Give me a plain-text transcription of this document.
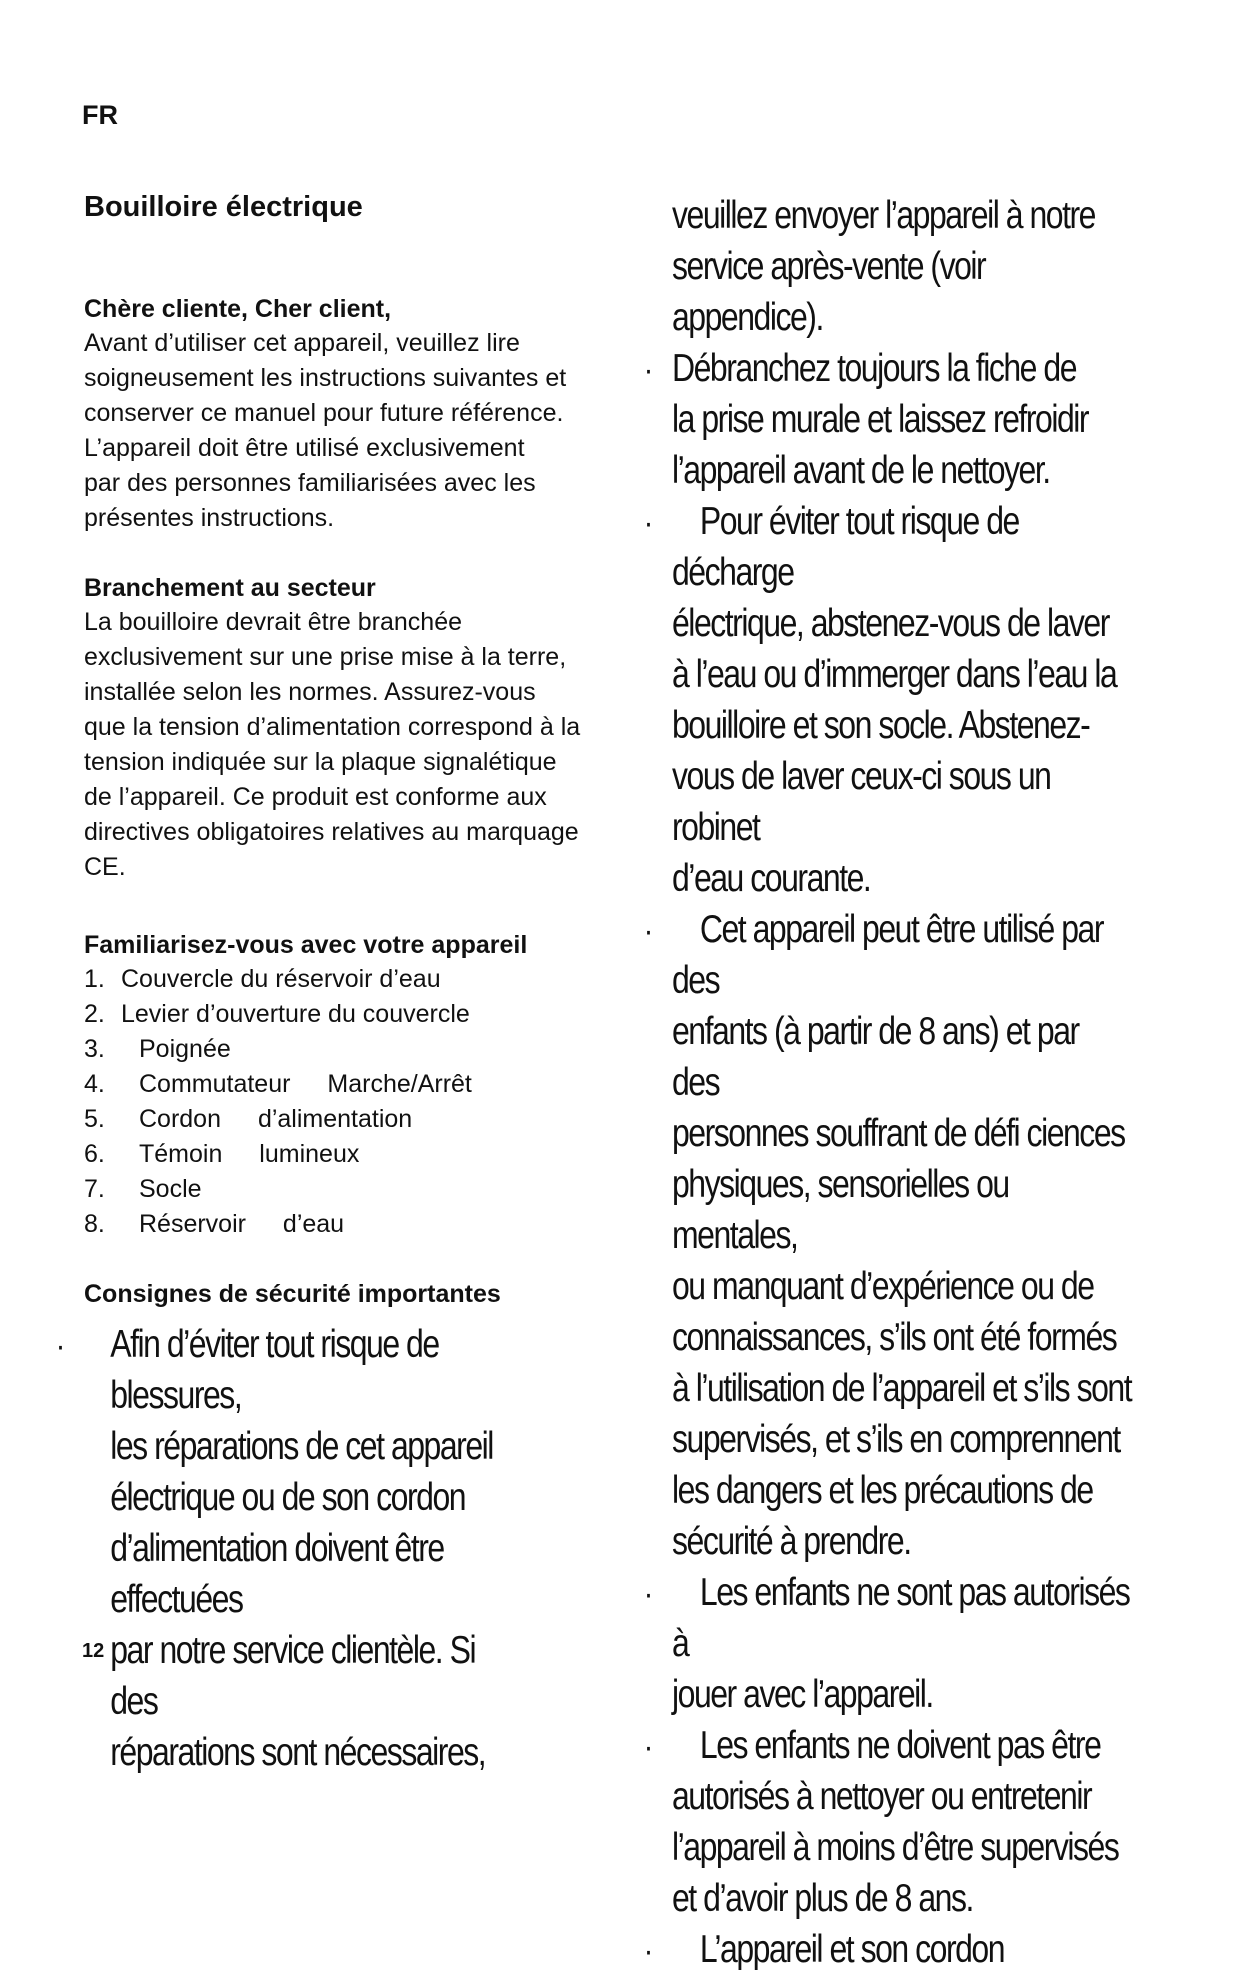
FR
Bouilloire électrique

Chère cliente, Cher client,

Avant d’utiliser cet appareil, veuillez lire
soigneusement les instructions suivantes et
conserver ce manuel pour future référence.
L’appareil doit être utilisé exclusivement
par des personnes familiarisées avec les
présentes instructions.

Branchement au secteur

La bouilloire devrait être branchée
exclusivement sur une prise mise à la terre,
installée selon les normes. Assurez-vous
que la tension d’alimentation correspond à la
tension indiquée sur la plaque signalétique
de l’appareil. Ce produit est conforme aux
directives obligatoires relatives au marquage
CE.

Familiarisez-vous avec votre appareil

1. Couvercle du réservoir d’eau
2. Levier d’ouverture du couvercle
3.	Poignée
4.	Commutateur Marche/Arrêt
5.	Cordon d’alimentation
6.	Témoin lumineux
7.	Socle
8.	Réservoir d’eau

Consignes de sécurité importantes

· Afin d’éviter tout risque de blessures,
les réparations de cet appareil
électrique ou de son cordon
d’alimentation doivent être effectuées
par notre service clientèle. Si des
réparations sont nécessaires,
veuillez envoyer l’appareil à notre
service après-vente (voir appendice).
· Débranchez toujours la fiche de
la prise murale et laissez refroidir
l’appareil avant de le nettoyer.
·	Pour éviter tout risque de décharge
électrique, abstenez-vous de laver
à l’eau ou d’immerger dans l’eau la
bouilloire et son socle. Abstenez-
vous de laver ceux-ci sous un robinet
d’eau courante.
·	Cet appareil peut être utilisé par des
enfants (à partir de 8 ans) et par des
personnes souffrant de défi ciences
physiques, sensorielles ou mentales,
ou manquant d’expérience ou de
connaissances, s’ils ont été formés
à l’utilisation de l’appareil et s’ils sont
supervisés, et s’ils en comprennent
les dangers et les précautions de
sécurité à prendre.
·	Les enfants ne sont pas autorisés à
jouer avec l’appareil.
·	Les enfants ne doivent pas être
autorisés à nettoyer ou entretenir
l’appareil à moins d’être supervisés
et d’avoir plus de 8 ans.
·	L’appareil et son cordon
12
